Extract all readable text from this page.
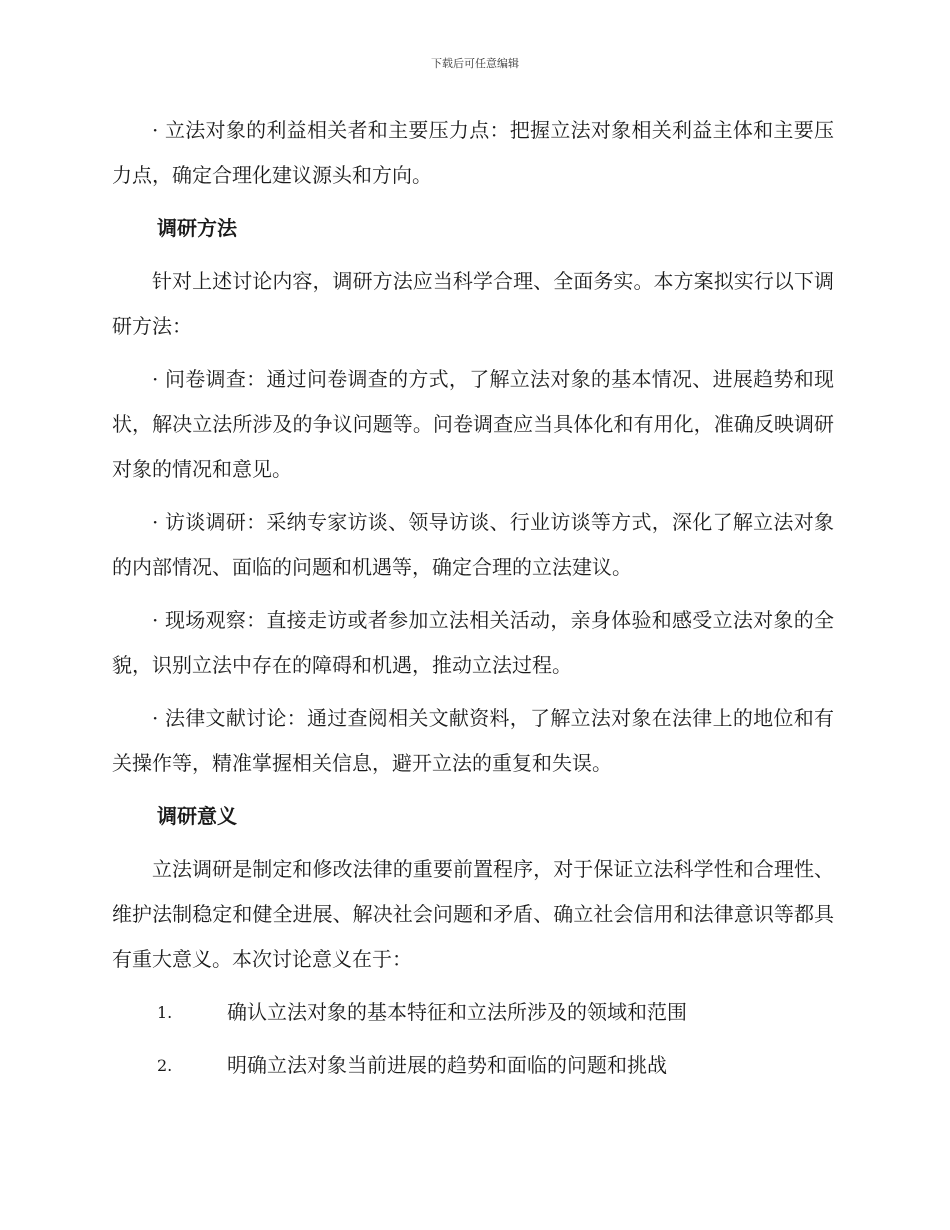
下载后可任意编辑

· 立法对象的利益相关者和主要压力点：把握立法对象相关利益主体和主要压力点，确定合理化建议源头和方向。

调研方法

针对上述讨论内容，调研方法应当科学合理、全面务实。本方案拟实行以下调研方法：

· 问卷调查：通过问卷调查的方式，了解立法对象的基本情况、进展趋势和现状，解决立法所涉及的争议问题等。问卷调查应当具体化和有用化，准确反映调研对象的情况和意见。

· 访谈调研：采纳专家访谈、领导访谈、行业访谈等方式，深化了解立法对象的内部情况、面临的问题和机遇等，确定合理的立法建议。

· 现场观察：直接走访或者参加立法相关活动，亲身体验和感受立法对象的全貌，识别立法中存在的障碍和机遇，推动立法过程。

· 法律文献讨论：通过查阅相关文献资料，了解立法对象在法律上的地位和有关操作等，精准掌握相关信息，避开立法的重复和失误。

调研意义

立法调研是制定和修改法律的重要前置程序，对于保证立法科学性和合理性、维护法制稳定和健全进展、解决社会问题和矛盾、确立社会信用和法律意识等都具有重大意义。本次讨论意义在于：

1.	确认立法对象的基本特征和立法所涉及的领域和范围
2.	明确立法对象当前进展的趋势和面临的问题和挑战
